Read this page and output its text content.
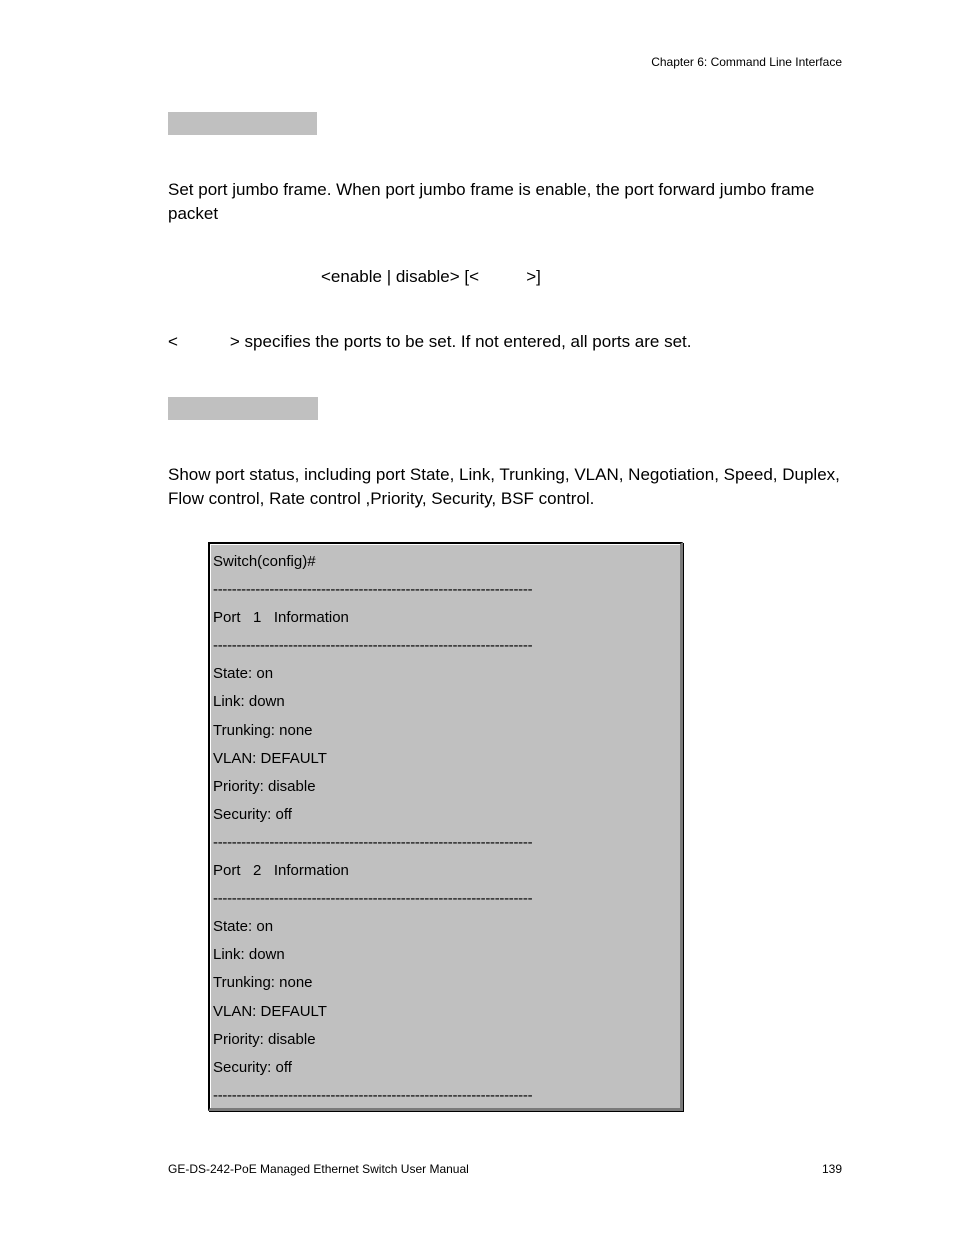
Chapter 6: Command Line Interface
Set port jumbo frame. When port jumbo frame is enable, the port forward jumbo frame packet
<enable | disable> [<          >]
<           > specifies the ports to be set. If not entered, all ports are set.
Show port status, including port State, Link, Trunking, VLAN, Negotiation, Speed, Duplex, Flow control, Rate control ,Priority, Security, BSF control.
Switch(config)#
--------------------------------------------------------------------
Port   1   Information
--------------------------------------------------------------------
State: on
Link: down
Trunking: none
VLAN: DEFAULT
Priority: disable
Security: off
--------------------------------------------------------------------
Port   2   Information
--------------------------------------------------------------------
State: on
Link: down
Trunking: none
VLAN: DEFAULT
Priority: disable
Security: off
--------------------------------------------------------------------
GE-DS-242-PoE Managed Ethernet Switch User Manual	139
